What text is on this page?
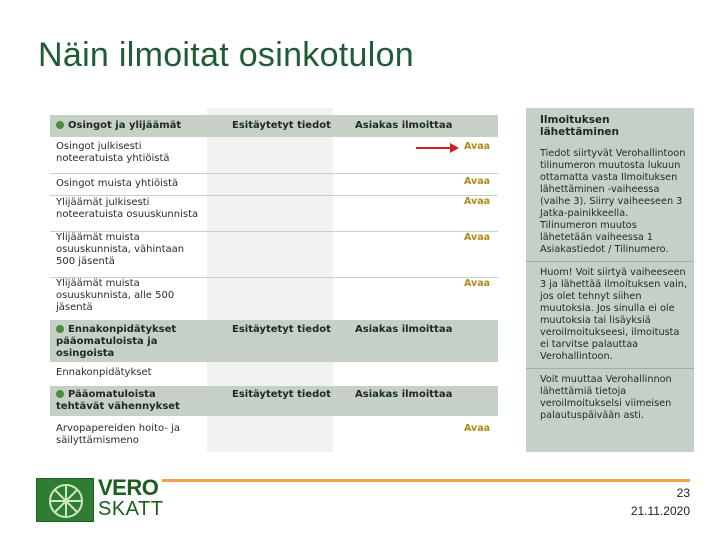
Näin ilmoitat osinkotulon
Osingot ja ylijäämät	Esitäytetyt tiedot Asiakas ilmoittaa
Osingot julkisesti noteeratuista yhtiöistä
Avaa
Osingot muista yhtiöistä	Avaa
Ylijäämät julkisesti noteeratuista osuuskunnista
Avaa
Ylijäämät muista osuuskunnista, vähintaan 500 jäsentä
Avaa
Ylijäämät muista osuuskunnista, alle 500 jäsentä
Avaa
Ennakonpidätykset pääomatuloista ja osingoista
Esitäytetyt tiedot Asiakas ilmoittaa
Ennakonpidätykset
Pääomatuloista tehtävät vähennykset
Esitäytetyt tiedot Asiakas ilmoittaa
Arvopapereiden hoito- ja säilyttämismeno
Avaa
Ilmoituksen lähettäminen

Tiedot siirtyvät Verohallintoon tilinumeron muutosta lukuun ottamatta vasta Ilmoituksen lähettäminen -vaiheessa (vaihe 3). Siirry vaiheeseen 3 Jatka-painikkeella. Tilinumeron muutos lähetetään vaiheessa 1 Asiakastiedot / Tilinumero.

Huom! Voit siirtyä vaiheeseen 3 ja lähettää ilmoituksen vain, jos olet tehnyt siihen muutoksia. Jos sinulla ei ole muutoksia tai lisäyksiä veroilmoitukseesi, ilmoitusta ei tarvitse palauttaa Verohallintoon.

Voit muuttaa Verohallinnon lähettämiä tietoja veroilmoitukselsi viimeisen palautuspäivään asti.

VERO
SKATT
23
21.11.2020
